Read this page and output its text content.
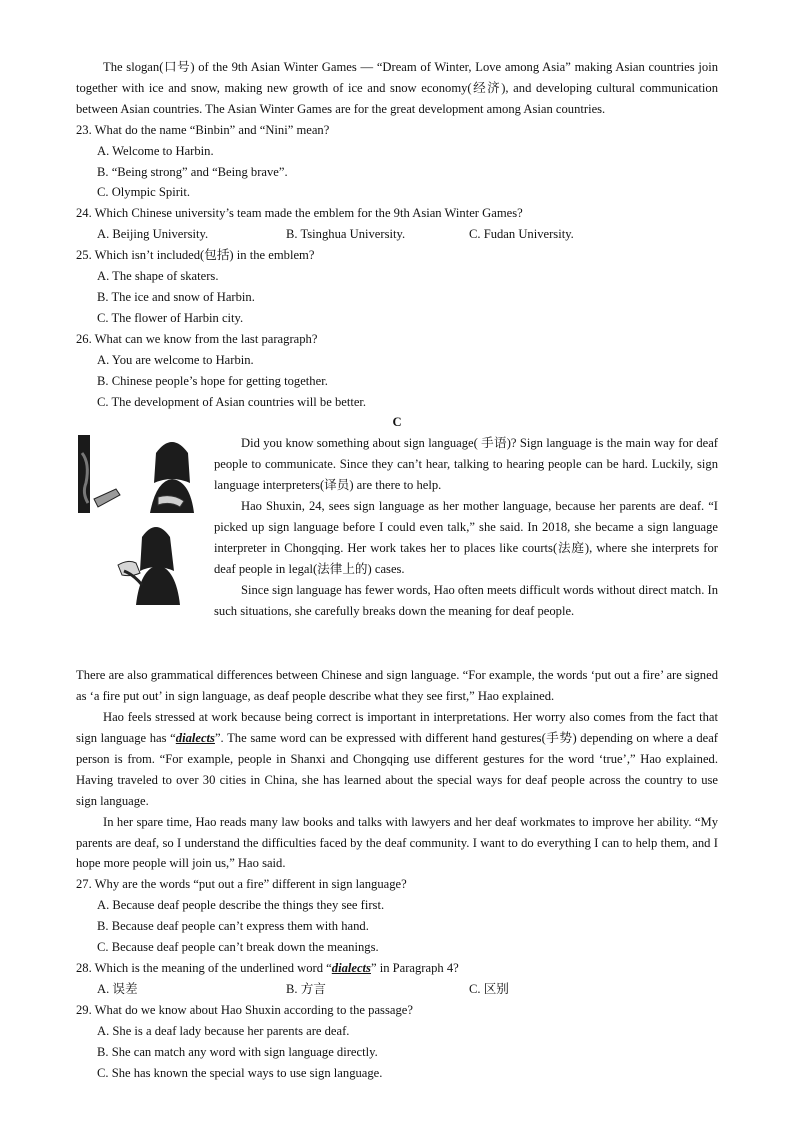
The slogan(口号) of the 9th Asian Winter Games — “Dream of Winter, Love among Asia” making Asian countries join together with ice and snow, making new growth of ice and snow economy(经济), and developing cultural communication between Asian countries. The Asian Winter Games are for the great development among Asian countries.

23. What do the name “Binbin” and “Nini” mean?

A. Welcome to Harbin.

B. “Being strong” and “Being brave”.

C. Olympic Spirit.

24. Which Chinese university’s team made the emblem for the 9th Asian Winter Games?

A. Beijing University.	B. Tsinghua University.	C. Fudan University.

25. Which isn’t included(包括) in the emblem?

A. The shape of skaters.

B. The ice and snow of Harbin.

C. The flower of Harbin city.

26. What can we know from the last paragraph?

A. You are welcome to Harbin.

B. Chinese people’s hope for getting together.

C. The development of Asian countries will be better.

C

Did you know something about sign language( 手语)? Sign language is the main way for deaf people to communicate. Since they can’t hear, talking to hearing people can be hard. Luckily, sign language interpreters(译员) are there to help.

Hao Shuxin, 24, sees sign language as her mother language, because her parents are deaf. “I picked up sign language before I could even talk,” she said. In 2018, she became a sign language interpreter in Chongqing. Her work takes her to places like courts(法庭), where she interprets for deaf people in legal(法律上的) cases.

Since sign language has fewer words, Hao often meets difficult words without direct match. In such situations, she carefully breaks down the meaning for deaf people.

There are also grammatical differences between Chinese and sign language. “For example, the words ‘put out a fire’ are signed as ‘a fire put out’ in sign language, as deaf people describe what they see first,” Hao explained.

Hao feels stressed at work because being correct is important in interpretations. Her worry also comes from the fact that sign language has “dialects”. The same word can be expressed with different hand gestures(手势) depending on where a deaf person is from. “For example, people in Shanxi and Chongqing use different gestures for the word ‘true’,” Hao explained. Having traveled to over 30 cities in China, she has learned about the special ways for deaf people across the country to use sign language.

In her spare time, Hao reads many law books and talks with lawyers and her deaf workmates to improve her ability. “My parents are deaf, so I understand the difficulties faced by the deaf community. I want to do everything I can to help them, and I hope more people will join us,” Hao said.

27. Why are the words “put out a fire” different in sign language?

A. Because deaf people describe the things they see first.

B. Because deaf people can’t express them with hand.

C. Because deaf people can’t break down the meanings.

28. Which is the meaning of the underlined word “dialects” in Paragraph 4?

A. 误差	B. 方言	C. 区别

29. What do we know about Hao Shuxin according to the passage?

A. She is a deaf lady because her parents are deaf.

B. She can match any word with sign language directly.

C. She has known the special ways to use sign language.
